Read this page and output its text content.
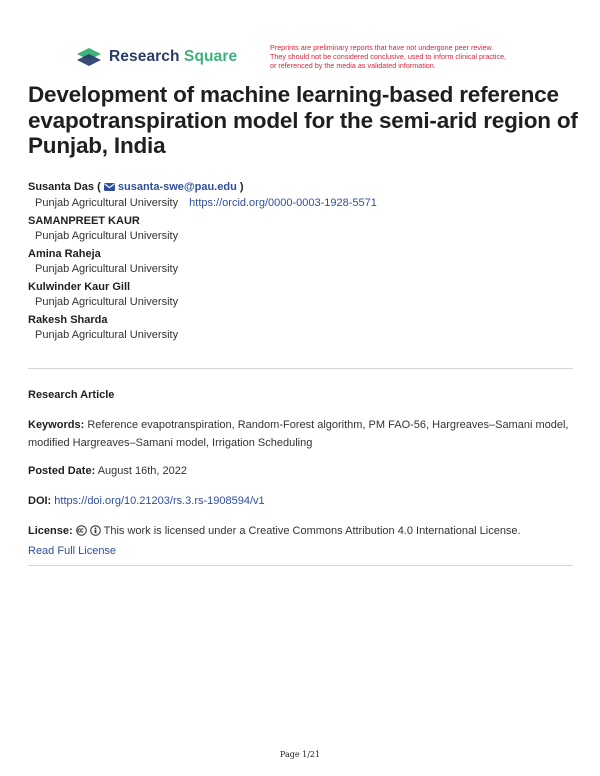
Research Square
Preprints are preliminary reports that have not undergone peer review.
They should not be considered conclusive, used to inform clinical practice,
or referenced by the media as validated information.
Development of machine learning-based reference evapotranspiration model for the semi-arid region of Punjab, India
Susanta Das (  susanta-swe@pau.edu )
Punjab Agricultural University https://orcid.org/0000-0003-1928-5571
SAMANPREET KAUR
Punjab Agricultural University
Amina Raheja
Punjab Agricultural University
Kulwinder Kaur Gill
Punjab Agricultural University
Rakesh Sharda
Punjab Agricultural University
Research Article
Keywords: Reference evapotranspiration, Random-Forest algorithm, PM FAO-56, Hargreaves–Samani model, modified Hargreaves–Samani model, Irrigation Scheduling
Posted Date: August 16th, 2022
DOI: https://doi.org/10.21203/rs.3.rs-1908594/v1
License:	This work is licensed under a Creative Commons Attribution 4.0 International License.
Read Full License
Page 1/21
